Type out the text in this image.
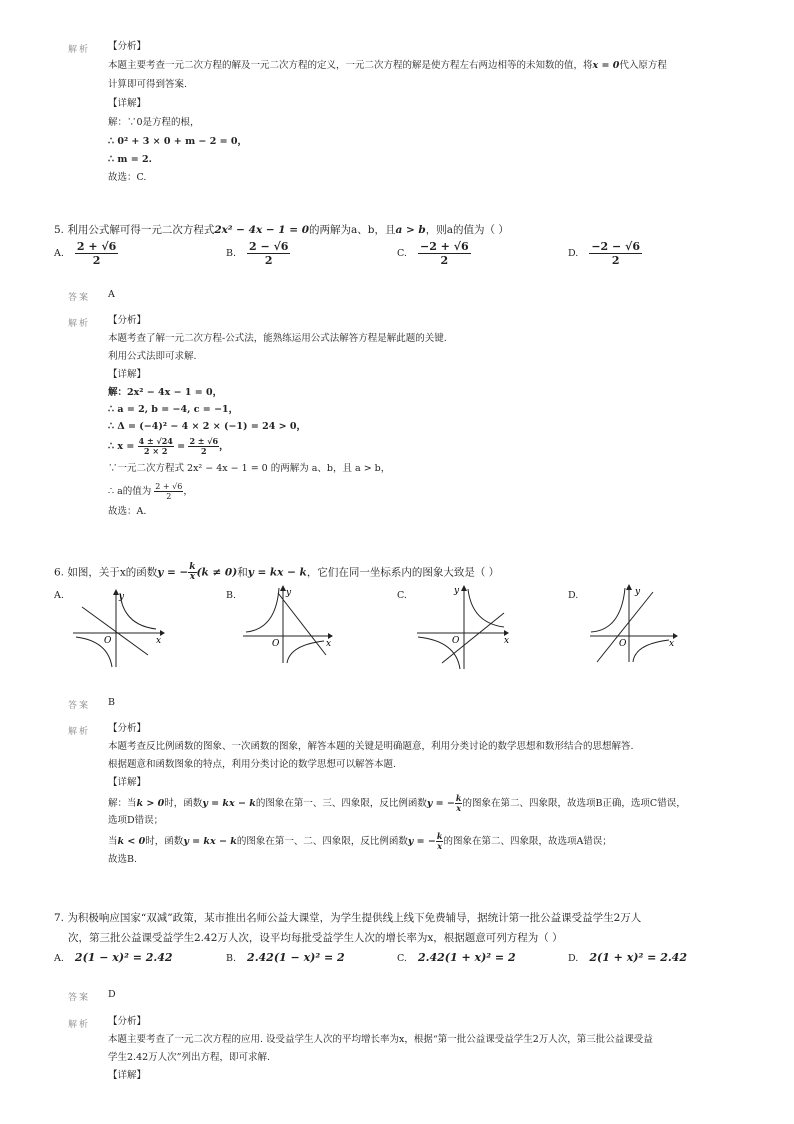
解析 【分析】
本题主要考查一元二次方程的解及一元二次方程的定义，一元二次方程的解是使方程左右两边相等的未知数的值，将x = 0代入原方程
计算即可得到答案.
【详解】
解：∵0是方程的根，
∴ 0² + 3 × 0 + m − 2 = 0，
∴ m = 2.
故选：C.
5. 利用公式解可得一元二次方程式2x² − 4x − 1 = 0的两解为a、b，且a > b，则a的值为（ ）
A. $\frac{2 + √6}{2}$	B. $\frac{2 - √6}{2}$	C. $\frac{-2 + √6}{2}$	D. $\frac{-2 - √6}{2}$
答案 A
解析 【分析】
本题考查了解一元二次方程-公式法，能熟练运用公式法解答方程是解此题的关键.
利用公式法即可求解.
【详解】
解：2x² − 4x − 1 = 0，
∴ a = 2, b = −4, c = −1，
∴ Δ = (−4)² − 4 × 2 × (−1) = 24 > 0，
∴ $x = \frac{4 \pm √24}{2 \times 2} = \frac{2 \pm √6}{2}$ ，
∵一元二次方程式 2x² − 4x − 1 = 0 的两解为 a、b，且 a > b，
∴ a的值为 $\frac{2 + √6}{2}$ ，
故选：A.
6. 如图，关于x的函数y = − $\frac{k}{x} (k \ne 0)$和y = kx − k，它们在同一坐标系内的图象大致是（ ）
A.	B.	C.	D.
y
x
O
y
x
O
y
x
O
y
x
O
答案 B
解析 【分析】
本题考查反比例函数的图象、一次函数的图象，解答本题的关键是明确题意，利用分类讨论的数学思想和数形结合的思想解答.
根据题意和函数图象的特点，利用分类讨论的数学思想可以解答本题.
【详解】
解：当k > 0时，函数y = kx − k的图象在第一、三、四象限，反比例函数y = − $\frac{k}{x}$ 的图象在第二、四象限，故选项B正确，选项C错误，
选项D错误；
当k < 0时，函数y = kx − k的图象在第一、二、四象限，反比例函数y = − $\frac{k}{x}$ 的图象在第二、四象限，故选项A错误；
故选B.
7. 为积极响应国家“双减”政策，某市推出名师公益大课堂，为学生提供线上线下免费辅导，据统计第一批公益课受益学生2万人
次，第三批公益课受益学生2.42万人次，设平均每批受益学生人次的增长率为x，根据题意可列方程为（ ）
A. 2(1 − x)² = 2.42	B. 2.42(1 − x)² = 2	C. 2.42(1 + x)² = 2	D. 2(1 + x)² = 2.42
答案 D
解析 【分析】
本题主要考查了一元二次方程的应用. 设受益学生人次的平均增长率为x，根据“第一批公益课受益学生2万人次，第三批公益课受益
学生2.42万人次”列出方程，即可求解.
【详解】
